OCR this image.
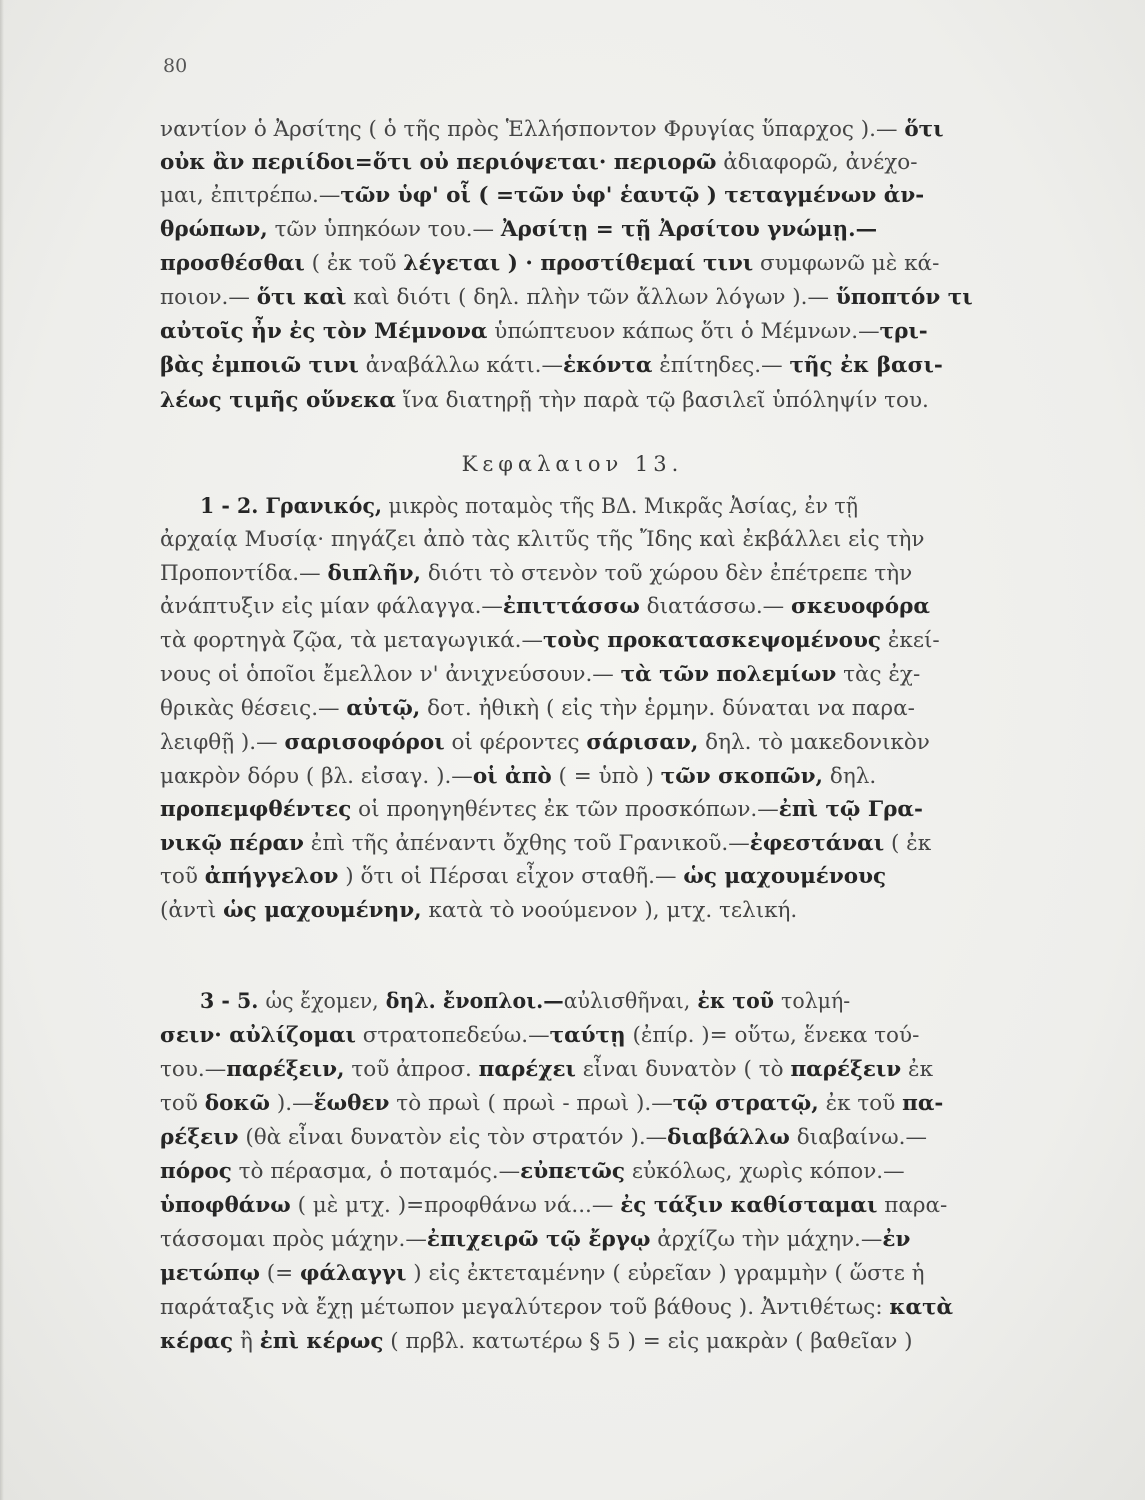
80
ναντίον ὁ Ἀρσίτης ( ὁ τῆς πρὸς Ἑλλήσποντον Φρυγίας ὕπαρχος ).— ὅτι
οὐκ ἂν περιίδοι=ὅτι οὐ περιόψεται· περιορῶ ἀδιαφορῶ, ἀνέχο-
μαι, ἐπιτρέπω.—τῶν ὑφ' οἷ ( =τῶν ὑφ' ἑαυτῷ ) τεταγμένων ἀν-
θρώπων, τῶν ὑπηκόων του.— Ἀρσίτῃ = τῇ Ἀρσίτου γνώμῃ.—
προσθέσθαι ( ἐκ τοῦ λέγεται ) · προστίθεμαί τινι συμφωνῶ μὲ κά-
ποιον.— ὅτι καὶ καὶ διότι ( δηλ. πλὴν τῶν ἄλλων λόγων ).— ὕποπτόν τι
αὐτοῖς ἦν ἐς τὸν Μέμνονα ὑπώπτευον κάπως ὅτι ὁ Μέμνων.—τρι-
βὰς ἐμποιῶ τινι ἀναβάλλω κάτι.—ἑκόντα ἐπίτηδες.— τῆς ἐκ βασι-
λέως τιμῆς οὕνεκα ἵνα διατηρῇ τὴν παρὰ τῷ βασιλεῖ ὑπόληψίν του.
1 - 2. Γρανικός, μικρὸς ποταμὸς τῆς ΒΔ. Μικρᾶς Ἀσίας, ἐν τῇ
ἀρχαίᾳ Μυσίᾳ· πηγάζει ἀπὸ τὰς κλιτῦς τῆς Ἴδης καὶ ἐκβάλλει εἰς τὴν
Προποντίδα.— διπλῆν, διότι τὸ στενὸν τοῦ χώρου δὲν ἐπέτρεπε τὴν
ἀνάπτυξιν εἰς μίαν φάλαγγα.—ἐπιττάσσω διατάσσω.— σκευοφόρα
τὰ φορτηγὰ ζῷα, τὰ μεταγωγικά.—τοὺς προκατασκεψομένους ἐκεί-
νους οἱ ὁποῖοι ἔμελλον ν' ἀνιχνεύσουν.— τὰ τῶν πολεμίων τὰς ἐχ-
θρικὰς θέσεις.— αὐτῷ, δοτ. ἠθικὴ ( εἰς τὴν ἑρμην. δύναται να παρα-
λειφθῇ ).— σαρισοφόροι οἱ φέροντες σάρισαν, δηλ. τὸ μακεδονικὸν
μακρὸν δόρυ ( βλ. εἰσαγ. ).—οἱ ἀπὸ ( = ὑπὸ ) τῶν σκοπῶν, δηλ.
προπεμφθέντες οἱ προηγηθέντες ἐκ τῶν προσκόπων.—ἐπὶ τῷ Γρα-
νικῷ πέραν ἐπὶ τῆς ἀπέναντι ὄχθης τοῦ Γρανικοῦ.—ἐφεστάναι ( ἐκ
τοῦ ἀπήγγελον ) ὅτι οἱ Πέρσαι εἶχον σταθῆ.— ὡς μαχουμένους
(ἀντὶ ὡς μαχουμένην, κατὰ τὸ νοούμενον ), μτχ. τελική.
3 - 5. ὡς ἔχομεν, δηλ. ἔνοπλοι.—αὐλισθῆναι, ἐκ τοῦ τολμή-
σειν· αὐλίζομαι στρατοπεδεύω.—ταύτῃ (ἐπίρ. )= οὕτω, ἕνεκα τού-
του.—παρέξειν, τοῦ ἀπροσ. παρέχει εἶναι δυνατὸν ( τὸ παρέξειν ἐκ
τοῦ δοκῶ ).—ἕωθεν τὸ πρωὶ ( πρωὶ - πρωὶ ).—τῷ στρατῷ, ἐκ τοῦ πα-
ρέξειν (θὰ εἶναι δυνατὸν εἰς τὸν στρατόν ).—διαβάλλω διαβαίνω.—
πόρος τὸ πέρασμα, ὁ ποταμός.—εὐπετῶς εὐκόλως, χωρὶς κόπον.—
ὑποφθάνω ( μὲ μτχ. )=προφθάνω νά...— ἐς τάξιν καθίσταμαι παρα-
τάσσομαι πρὸς μάχην.—ἐπιχειρῶ τῷ ἔργῳ ἀρχίζω τὴν μάχην.—ἐν
μετώπῳ (= φάλαγγι ) εἰς ἐκτεταμένην ( εὐρεῖαν ) γραμμὴν ( ὥστε ἡ
παράταξις νὰ ἔχῃ μέτωπον μεγαλύτερον τοῦ βάθους ). Ἀντιθέτως: κατὰ
κέρας ἢ ἐπὶ κέρως ( πρβλ. κατωτέρω § 5 ) = εἰς μακρὰν ( βαθεῖαν )
Κεφαλαιον 13.
